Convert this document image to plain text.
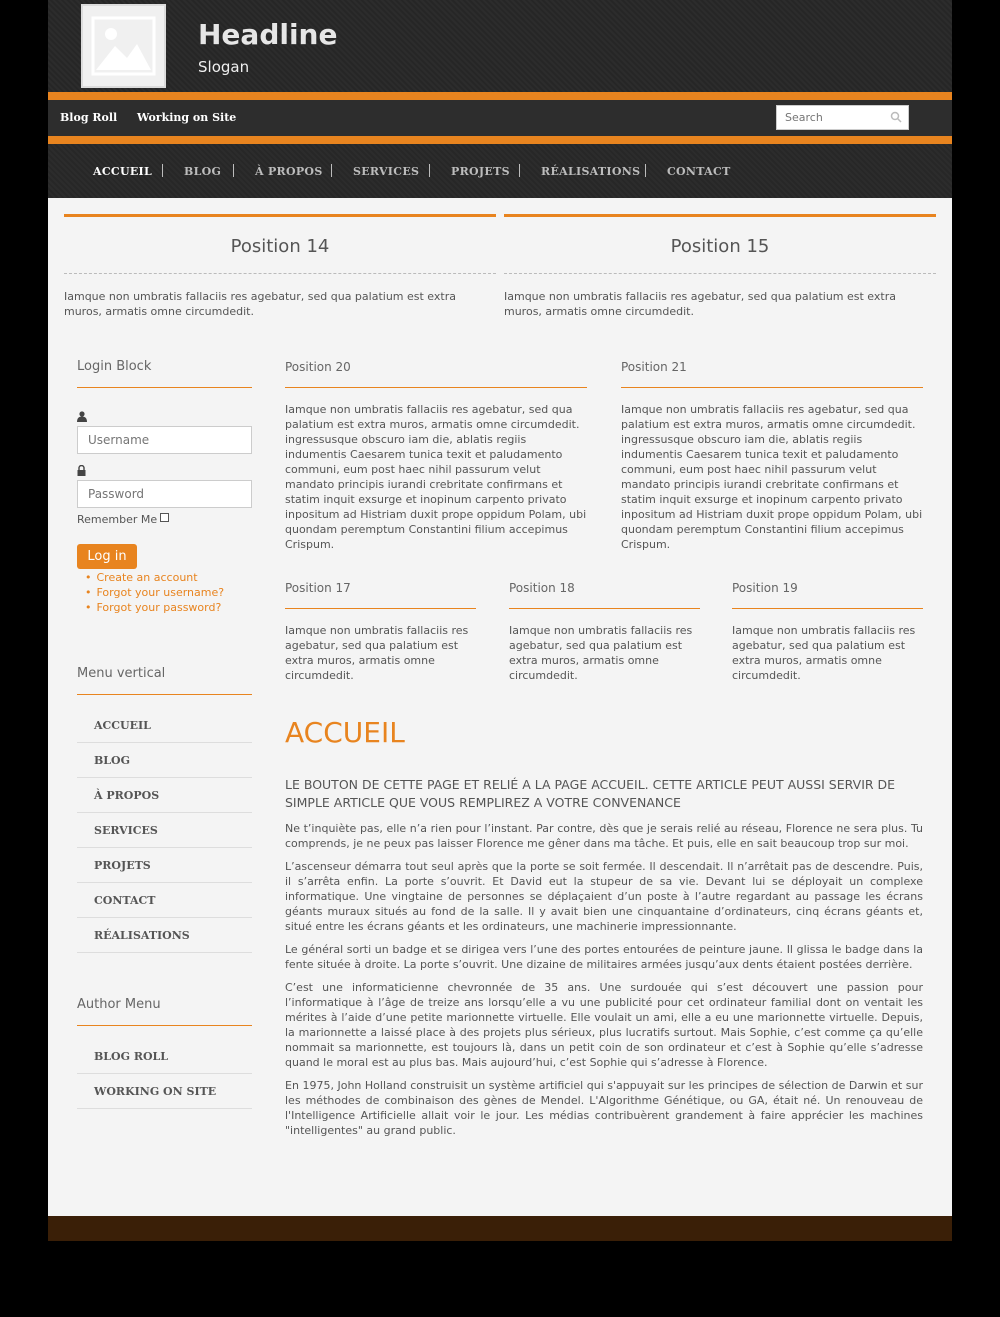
Headline
Slogan
Blog Roll Working on Site
Search
ACCUEIL	BLOG	À PROPOS	SERVICES	PROJETS	RÉALISATIONS CONTACT
Position 14

Iamque non umbratis fallaciis res agebatur, sed qua palatium est extra muros, armatis omne circumdedit.

Position 15

Iamque non umbratis fallaciis res agebatur, sed qua palatium est extra muros, armatis omne circumdedit.

Login Block
Username
Remember Me
Log in
• Create an account
• Forgot your username?
• Forgot your password?
Menu vertical
ACCUEIL
BLOG
À PROPOS
SERVICES
PROJETS
CONTACT
RÉALISATIONS
Author Menu
BLOG ROLL
WORKING ON SITE
Position 20
Iamque non umbratis fallaciis res agebatur, sed qua palatium est extra muros, armatis omne circumdedit. ingressusque obscuro iam die, ablatis regiis indumentis Caesarem tunica texit et paludamento communi, eum post haec nihil passurum velut mandato principis iurandi crebritate confirmans et statim inquit exsurge et inopinum carpento privato inpositum ad Histriam duxit prope oppidum Polam, ubi quondam peremptum Constantini filium accepimus Crispum.
Position 21
Iamque non umbratis fallaciis res agebatur, sed qua palatium est extra muros, armatis omne circumdedit. ingressusque obscuro iam die, ablatis regiis indumentis Caesarem tunica texit et paludamento communi, eum post haec nihil passurum velut mandato principis iurandi crebritate confirmans et statim inquit exsurge et inopinum carpento privato inpositum ad Histriam duxit prope oppidum Polam, ubi quondam peremptum Constantini filium accepimus Crispum.
Position 17
Iamque non umbratis fallaciis res agebatur, sed qua palatium est extra muros, armatis omne circumdedit.
Position 18
Iamque non umbratis fallaciis res agebatur, sed qua palatium est extra muros, armatis omne circumdedit.
Position 19
Iamque non umbratis fallaciis res agebatur, sed qua palatium est extra muros, armatis omne circumdedit.
ACCUEIL
LE BOUTON DE CETTE PAGE ET RELIÉ A LA PAGE ACCUEIL. CETTE ARTICLE PEUT AUSSI SERVIR DE SIMPLE ARTICLE QUE VOUS REMPLIREZ A VOTRE CONVENANCE

Ne t’inquiète pas, elle n’a rien pour l’instant. Par contre, dès que je serais relié au réseau, Florence ne sera plus. Tu comprends, je ne peux pas laisser Florence me gêner dans ma tâche. Et puis, elle en sait beaucoup trop sur moi.

L’ascenseur démarra tout seul après que la porte se soit fermée. Il descendait. Il n’arrêtait pas de descendre. Puis, il s’arrêta enfin. La porte s’ouvrit. Et David eut la stupeur de sa vie. Devant lui se déployait un complexe informatique. Une vingtaine de personnes se déplaçaient d’un poste à l’autre regardant au passage les écrans géants muraux situés au fond de la salle. Il y avait bien une cinquantaine d’ordinateurs, cinq écrans géants et, situé entre les écrans géants et les ordinateurs, une machinerie impressionnante.

Le général sorti un badge et se dirigea vers l’une des portes entourées de peinture jaune. Il glissa le badge dans la fente située à droite. La porte s’ouvrit. Une dizaine de militaires armées jusqu’aux dents étaient postées derrière.

C’est une informaticienne chevronnée de 35 ans. Une surdouée qui s’est découvert une passion pour l’informatique à l’âge de treize ans lorsqu’elle a vu une publicité pour cet ordinateur familial dont on ventait les mérites à l’aide d’une petite marionnette virtuelle. Elle voulait un ami, elle a eu une marionnette virtuelle. Depuis, la marionnette a laissé place à des projets plus sérieux, plus lucratifs surtout. Mais Sophie, c’est comme ça qu’elle nommait sa marionnette, est toujours là, dans un petit coin de son ordinateur et c’est à Sophie qu’elle s’adresse quand le moral est au plus bas. Mais aujourd’hui, c’est Sophie qui s’adresse à Florence.

En 1975, John Holland construisit un système artificiel qui s'appuyait sur les principes de sélection de Darwin et sur les méthodes de combinaison des gènes de Mendel. L'Algorithme Génétique, ou GA, était né. Un renouveau de l'Intelligence Artificielle allait voir le jour. Les médias contribuèrent grandement à faire apprécier les machines "intelligentes" au grand public.
